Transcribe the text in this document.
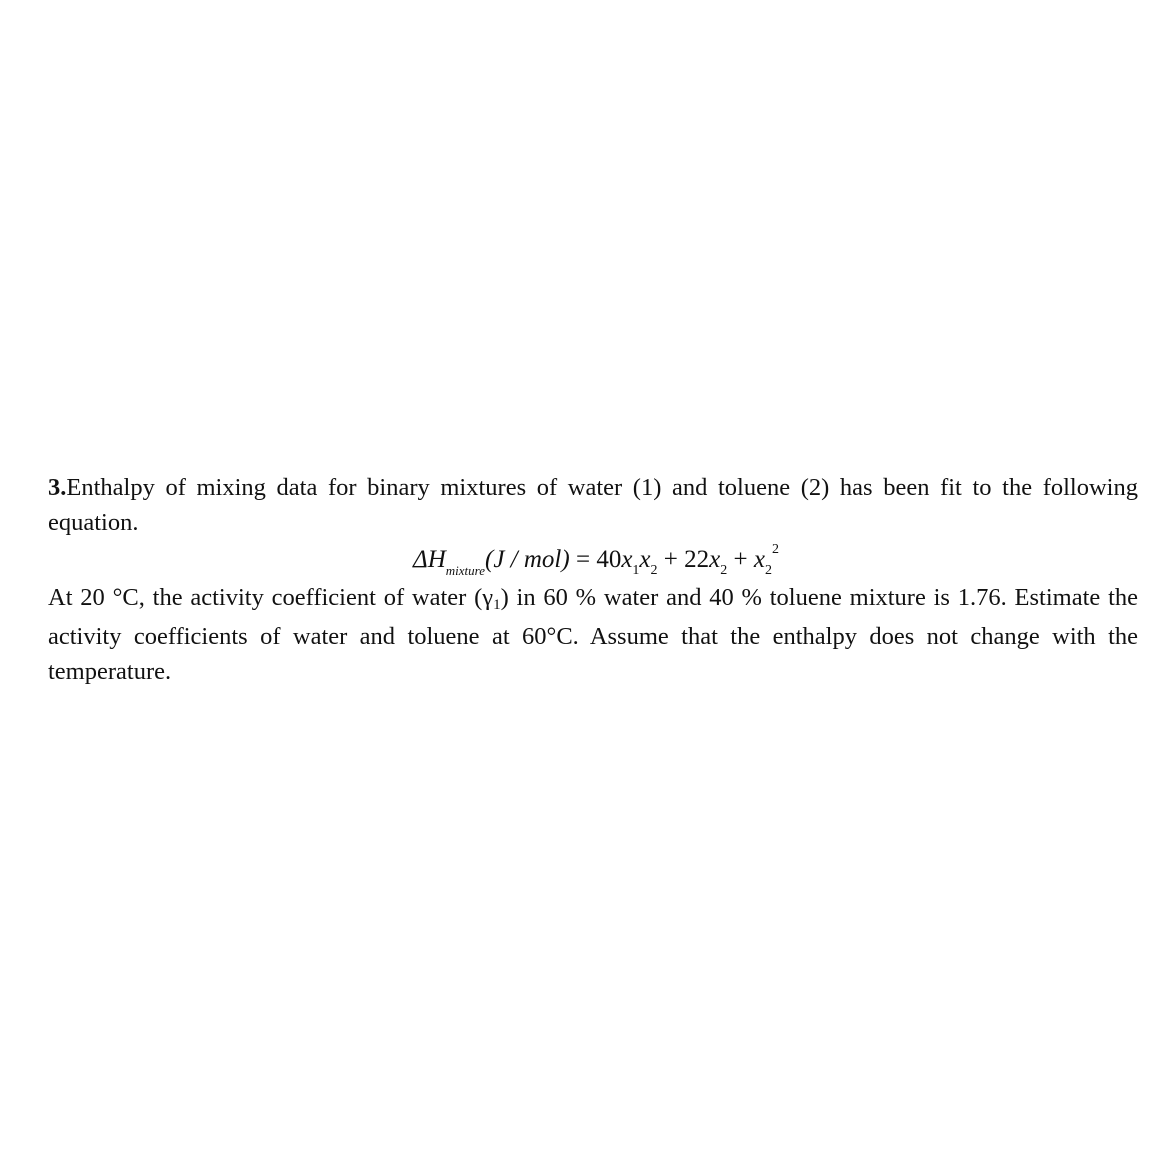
3.Enthalpy of mixing data for binary mixtures of water (1) and toluene (2) has been fit to the following equation.

$\Delta H_{mixture}(J / mol) = 40x_1x_2 + 22x_2 + x_2^2$

At 20 °C, the activity coefficient of water (γ1) in 60 % water and 40 % toluene mixture is 1.76. Estimate the activity coefficients of water and toluene at 60°C. Assume that the enthalpy does not change with the temperature.
